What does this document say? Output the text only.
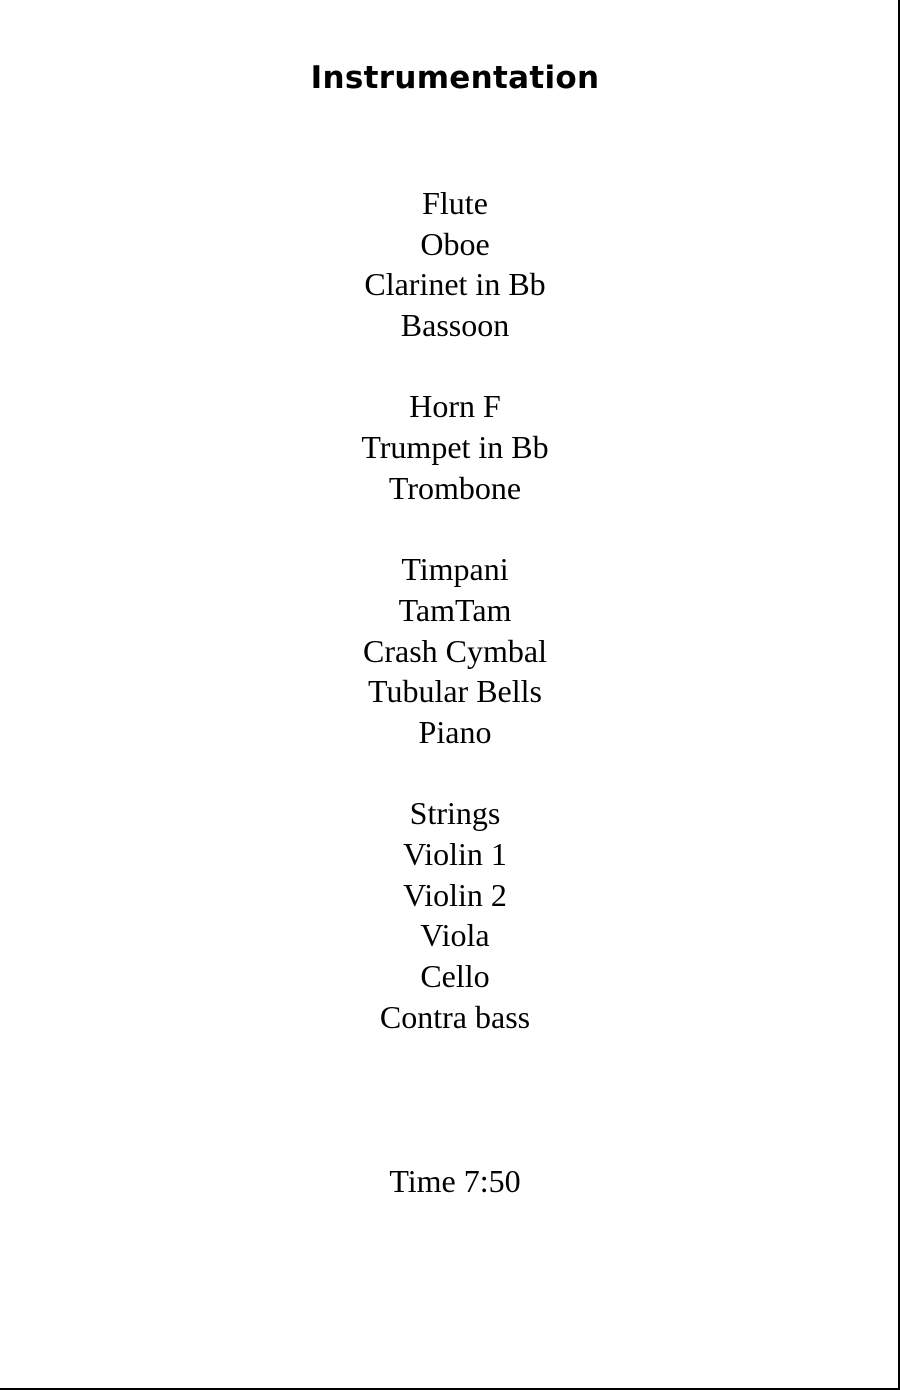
Instrumentation
Flute
Oboe
Clarinet in Bb
Bassoon
Horn F
Trumpet in Bb
Trombone
Timpani
TamTam
Crash Cymbal
Tubular Bells
Piano
Strings
Violin 1
Violin 2
Viola
Cello
Contra bass

Time 7:50
